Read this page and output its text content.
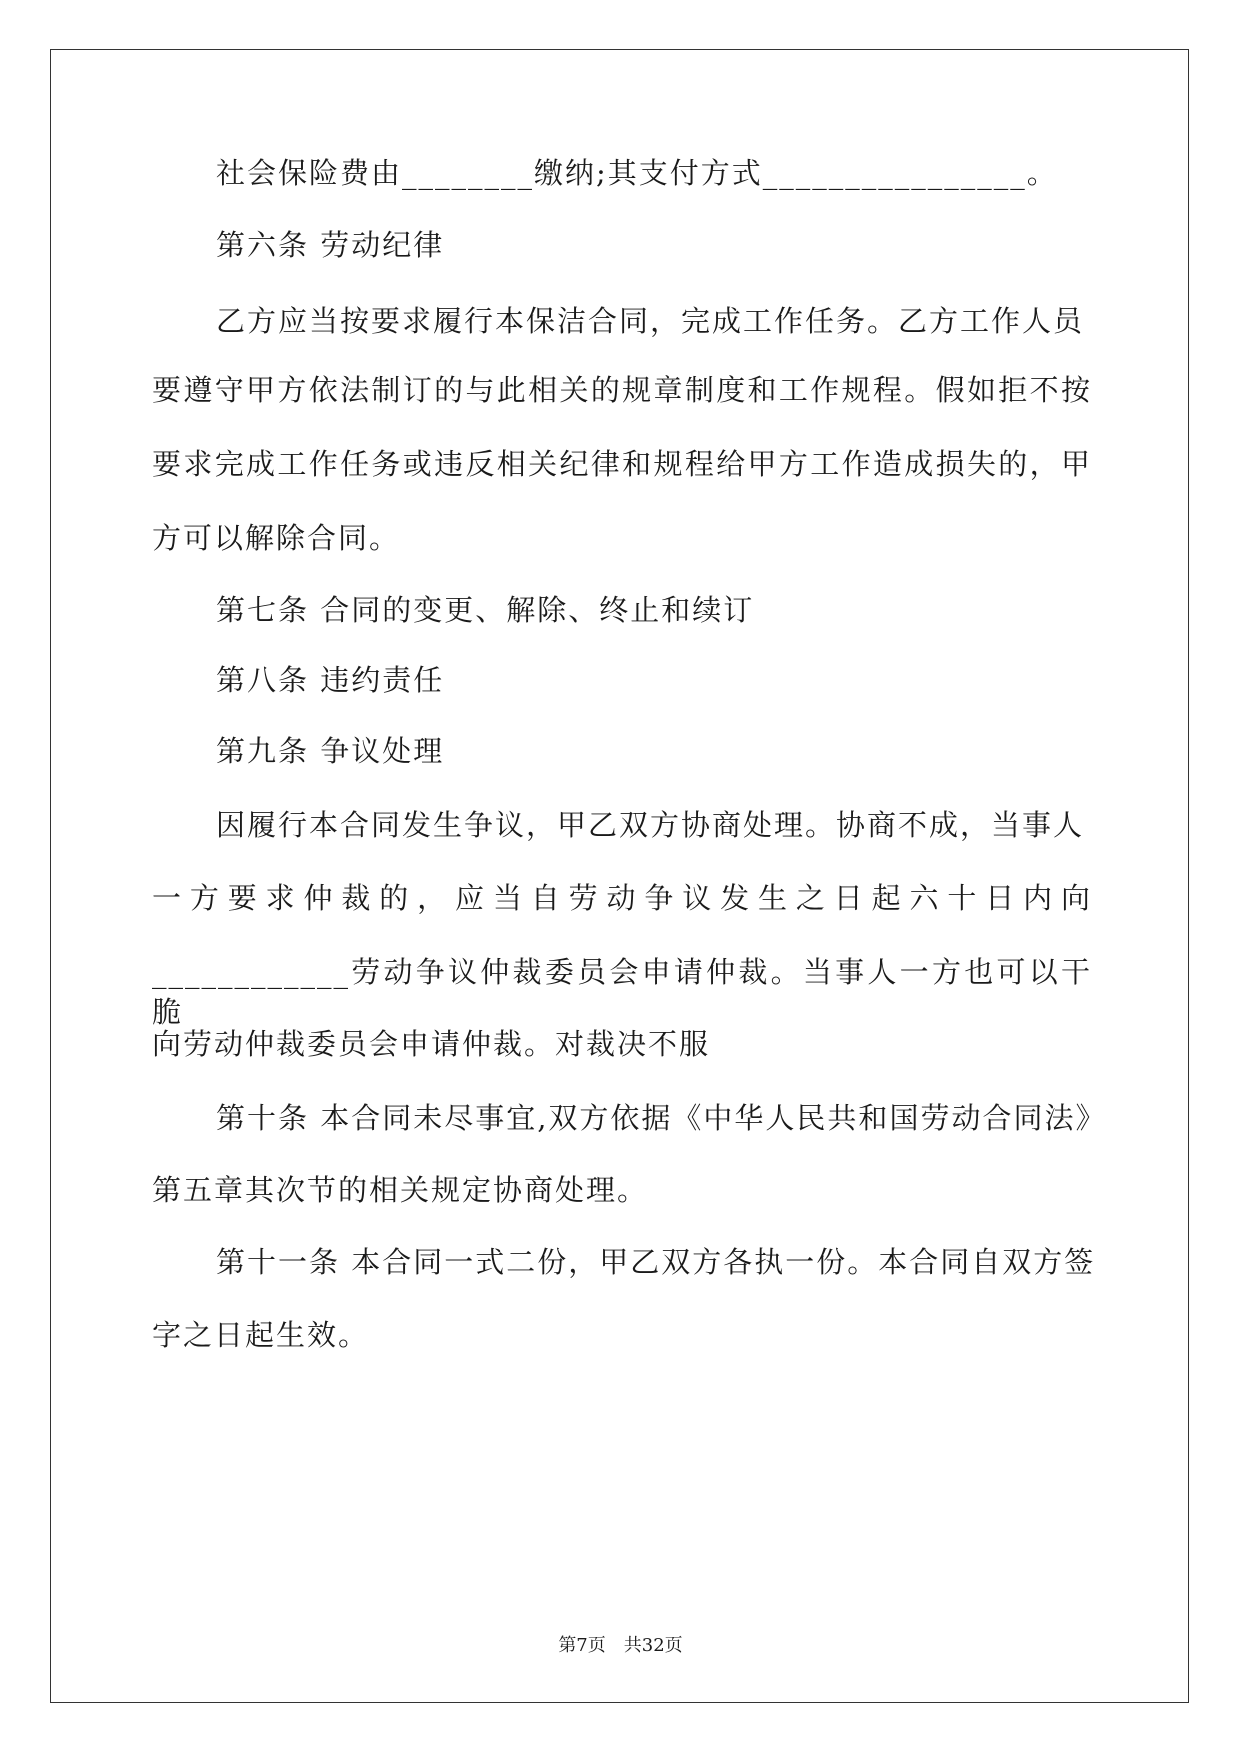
社会保险费由________缴纳;其支付方式________________。
第六条 劳动纪律
乙方应当按要求履行本保洁合同，完成工作任务。乙方工作人员
要遵守甲方依法制订的与此相关的规章制度和工作规程。假如拒不按
要求完成工作任务或违反相关纪律和规程给甲方工作造成损失的，甲
方可以解除合同。
第七条 合同的变更、解除、终止和续订
第八条 违约责任
第九条 争议处理
因履行本合同发生争议，甲乙双方协商处理。协商不成，当事人
一方要求仲裁的，应当自劳动争议发生之日起六十日内向
____________劳动争议仲裁委员会申请仲裁。当事人一方也可以干脆
向劳动仲裁委员会申请仲裁。对裁决不服
第十条 本合同未尽事宜,双方依据《中华人民共和国劳动合同法》
第五章其次节的相关规定协商处理。
第十一条 本合同一式二份，甲乙双方各执一份。本合同自双方签
字之日起生效。
第7页　共32页
